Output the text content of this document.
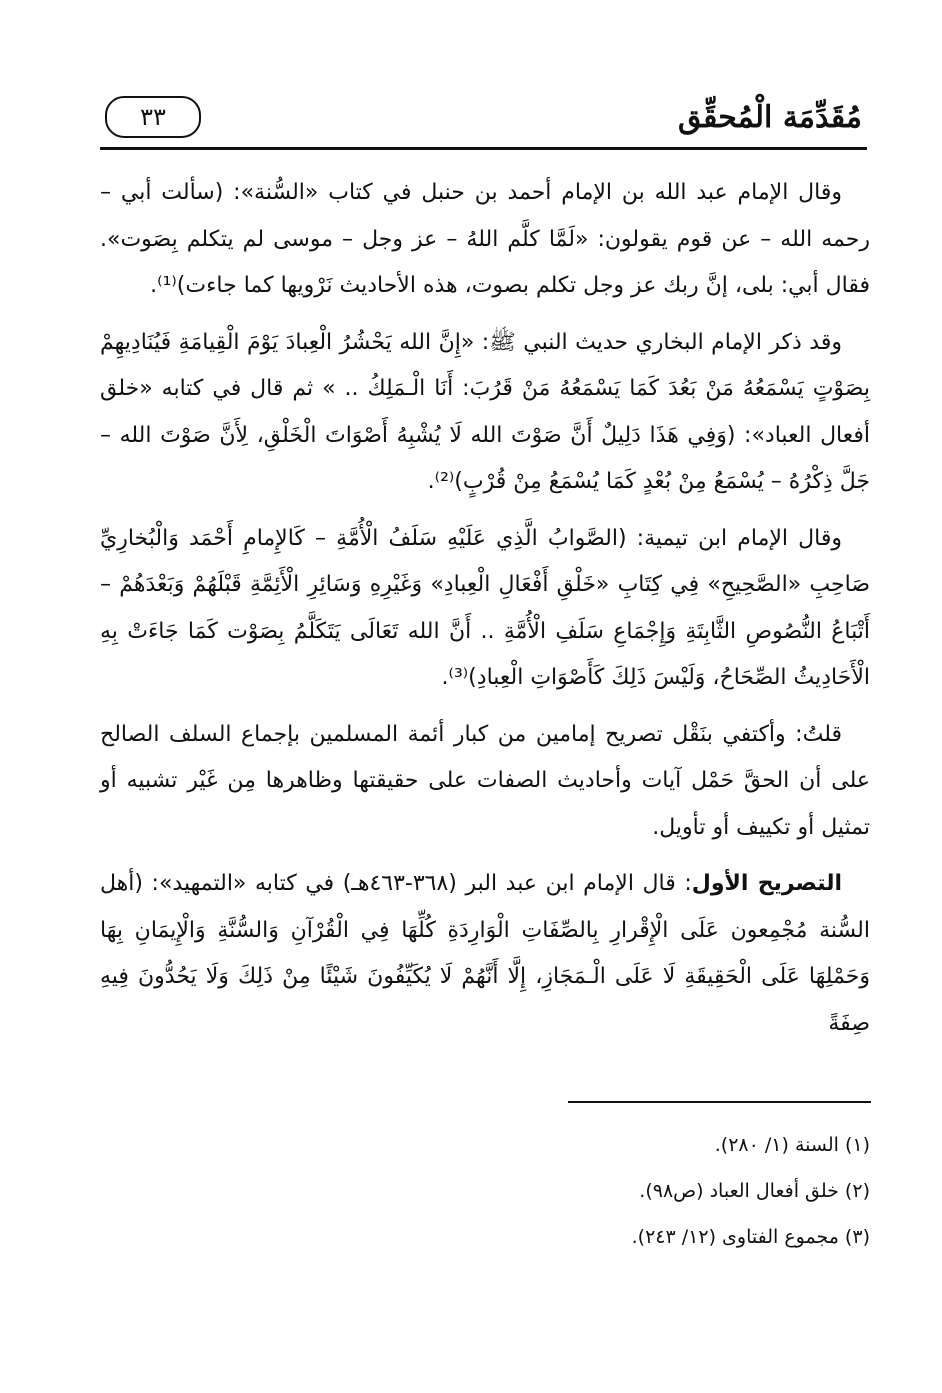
مُقَدِّمَة الْمُحقِّق
٣٣

وقال الإمام عبد الله بن الإمام أحمد بن حنبل في كتاب «السُّنة»: (سألت أبي – رحمه الله – عن قوم يقولون: «لَمَّا كلَّم اللهُ – عز وجل – موسى لم يتكلم بِصَوت». فقال أبي: بلى، إنَّ ربك عز وجل تكلم بصوت، هذه الأحاديث نَرْويها كما جاءت)⁽¹⁾.

وقد ذكر الإمام البخاري حديث النبي ﷺ: «إِنَّ الله يَحْشُرُ الْعِبادَ يَوْمَ الْقِيامَةِ فَيُنَادِيهِمْ بِصَوْتٍ يَسْمَعُهُ مَنْ بَعُدَ كَمَا يَسْمَعُهُ مَنْ قَرُبَ: أَنَا الْـمَلِكُ .. » ثم قال في كتابه «خلق أفعال العباد»: (وَفِي هَذَا دَلِيلٌ أَنَّ صَوْتَ الله لَا يُشْبِهُ أَصْوَاتَ الْخَلْقِ، لِأَنَّ صَوْتَ الله – جَلَّ ذِكْرُهُ – يُسْمَعُ مِنْ بُعْدٍ كَمَا يُسْمَعُ مِنْ قُرْبٍ)⁽²⁾.

وقال الإمام ابن تيمية: (الصَّوابُ الَّذِي عَلَيْهِ سَلَفُ الْأُمَّةِ – كَالإِمامِ أَحْمَد وَالْبُخارِيِّ صَاحِبِ «الصَّحِيحِ» فِي كِتَابِ «خَلْقِ أَفْعَالِ الْعِبادِ» وَغَيْرِهِ وَسَائِرِ الْأَئِمَّةِ قَبْلَهُمْ وَبَعْدَهُمْ – أَتْبَاعُ النُّصُوصِ الثَّابِتَةِ وَإِجْمَاعِ سَلَفِ الْأُمَّةِ .. أَنَّ الله تَعَالَى يَتَكَلَّمُ بِصَوْت كَمَا جَاءَتْ بِهِ الْأَحَادِيثُ الصِّحَاحُ، وَلَيْسَ ذَلِكَ كَأَصْوَاتِ الْعِبادِ)⁽³⁾.

قلتُ: وأكتفي بنَقْل تصريح إمامين من كبار أئمة المسلمين بإجماع السلف الصالح على أن الحقَّ حَمْل آيات وأحاديث الصفات على حقيقتها وظاهرها مِن غَيْر تشبيه أو تمثيل أو تكييف أو تأويل.

التصريح الأول: قال الإمام ابن عبد البر (٣٦٨-٤٦٣هـ) في كتابه «التمهيد»: (أهل السُّنة مُجْمِعون عَلَى الْإِقْرارِ بِالصِّفَاتِ الْوَارِدَةِ كُلِّهَا فِي الْقُرْآنِ وَالسُّنَّةِ وَالْإِيمَانِ بِهَا وَحَمْلِهَا عَلَى الْحَقِيقَةِ لَا عَلَى الْـمَجَازِ، إِلَّا أَنَّهُمْ لَا يُكَيِّفُونَ شَيْئًا مِنْ ذَلِكَ وَلَا يَحُدُّونَ فِيهِ صِفَةً

(١) السنة (١/ ٢٨٠).
(٢) خلق أفعال العباد (ص٩٨).
(٣) مجموع الفتاوى (١٢/ ٢٤٣).
